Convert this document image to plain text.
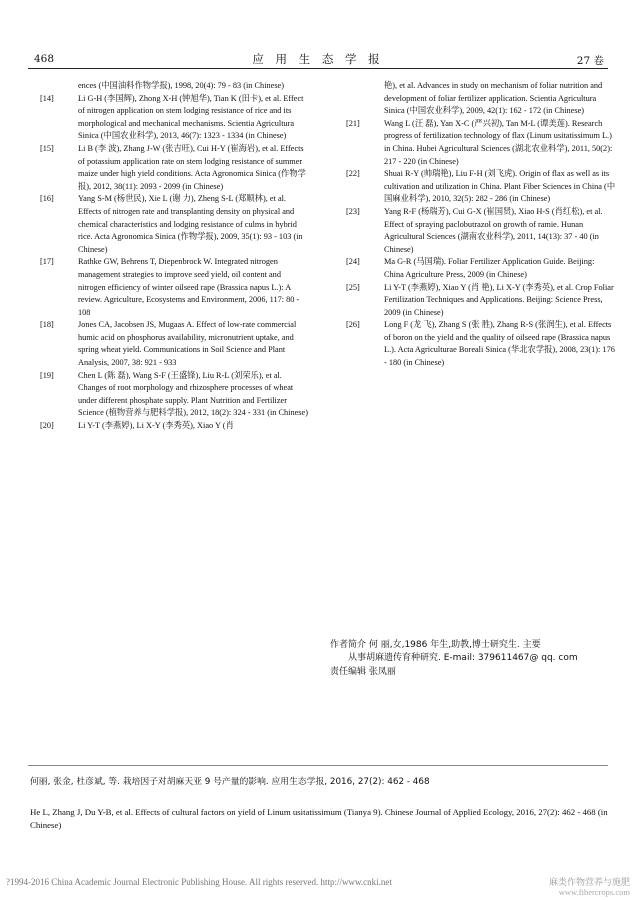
468	应 用 生 态 学 报	27 卷

ences (中国油料作物学报), 1998, 20(4): 79 - 83 (in Chinese)

[14]	Li G-H (李国辉), Zhong X-H (钟旭华), Tian K (田卡), et al. Effect of nitrogen application on stem lodging resistance of rice and its morphological and mechanical mechanisms. Scientia Agricultura Sinica (中国农业科学), 2013, 46(7): 1323 - 1334 (in Chinese)

[15]	Li B (李 波), Zhang J-W (张吉旺), Cui H-Y (崔海岩), et al. Effects of potassium application rate on stem lodging resistance of summer maize under high yield conditions. Acta Agronomica Sinica (作物学报), 2012, 38(11): 2093 - 2099 (in Chinese)

[16]	Yang S-M (杨世民), Xie L (谢 力), Zheng S-L (郑顺林), et al. Effects of nitrogen rate and transplanting density on physical and chemical characteristics and lodging resistance of culms in hybrid rice. Acta Agronomica Sinica (作物学报), 2009, 35(1): 93 - 103 (in Chinese)

[17]	Rathke GW, Behrens T, Diepenbrock W. Integrated nitrogen management strategies to improve seed yield, oil content and nitrogen efficiency of winter oilseed rape (Brassica napus L.): A review. Agriculture, Ecosystems and Environment, 2006, 117: 80 - 108

[18]	Jones CA, Jacobsen JS, Mugaas A. Effect of low-rate commercial humic acid on phosphorus availability, micronutrient uptake, and spring wheat yield. Communications in Soil Science and Plant Analysis, 2007, 38: 921 - 933

[19]	Chen L (陈 磊), Wang S-F (王盛锋), Liu R-L (刘荣乐), et al. Changes of root morphology and rhizosphere processes of wheat under different phosphate supply. Plant Nutrition and Fertilizer Science (植物营养与肥料学报), 2012, 18(2): 324 - 331 (in Chinese)

[20]	Li Y-T (李燕婷), Li X-Y (李秀英), Xiao Y (肖

艳), et al. Advances in study on mechanism of foliar nutrition and development of foliar fertilizer application. Scientia Agricultura Sinica (中国农业科学), 2009, 42(1): 162 - 172 (in Chinese)

[21]	Wang L (汪 磊), Yan X-C (严兴初), Tan M-L (谭美莲). Research progress of fertilization technology of flax (Linum usitatissimum L.) in China. Hubei Agricultural Sciences (湖北农业科学), 2011, 50(2): 217 - 220 (in Chinese)

[22]	Shuai R-Y (帅瑞艳), Liu F-H (刘飞虎). Origin of flax as well as its cultivation and utilization in China. Plant Fiber Sciences in China (中国麻业科学), 2010, 32(5): 282 - 286 (in Chinese)

[23]	Yang R-F (杨瑞芳), Cui G-X (崔国贤), Xiao H-S (肖红松), et al. Effect of spraying paclobutrazol on growth of ramie. Hunan Agricultural Sciences (湖南农业科学), 2011, 14(13): 37 - 40 (in Chinese)

[24]	Ma G-R (马国瑞). Foliar Fertilizer Application Guide. Beijing: China Agriculture Press, 2009 (in Chinese)

[25]	Li Y-T (李燕婷), Xiao Y (肖 艳), Li X-Y (李秀英), et al. Crop Foliar Fertilization Techniques and Applications. Beijing: Science Press, 2009 (in Chinese)

[26]	Long F (龙 飞), Zhang S (张 胜), Zhang R-S (张润生), et al. Effects of boron on the yield and the quality of oilseed rape (Brassica napus L.). Acta Agriculturae Boreali Sinica (华北农学报), 2008, 23(1): 176 - 180 (in Chinese)

作者简介 何 丽,女,1986 年生,助教,博士研究生. 主要

从事胡麻遗传育种研究. E-mail: 379611467@ qq. com

责任编辑 张凤丽

何丽, 张金, 杜彦斌, 等. 栽培因子对胡麻天亚 9 号产量的影响. 应用生态学报, 2016, 27(2): 462 - 468
He L, Zhang J, Du Y-B, et al. Effects of cultural factors on yield of Linum usitatissimum (Tianya 9). Chinese Journal of Applied Ecology, 2016, 27(2): 462 - 468 (in Chinese)
?1994-2016 China Academic Journal Electronic Publishing House. All rights reserved. http://www.cnki.net	麻类作物营养与施肥
www.fibercrops.com
